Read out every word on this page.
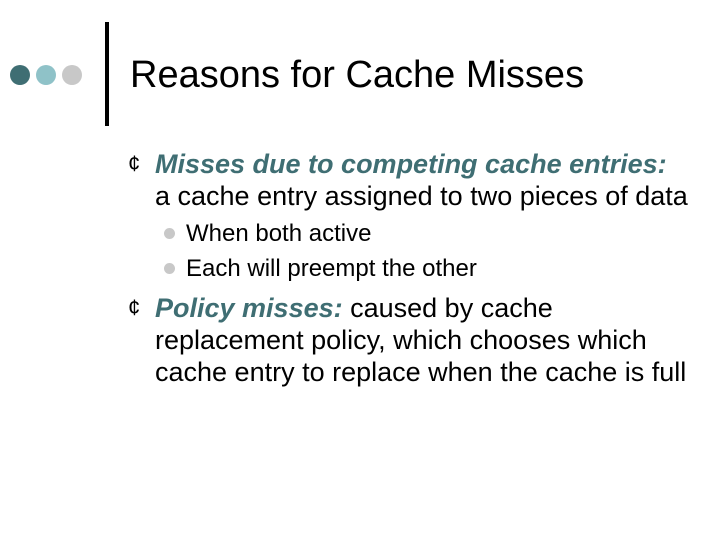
Reasons for Cache Misses
¢ Misses due to competing cache entries: a cache entry assigned to two pieces of data
When both active
Each will preempt the other
¢ Policy misses: caused by cache replacement policy, which chooses which cache entry to replace when the cache is full
